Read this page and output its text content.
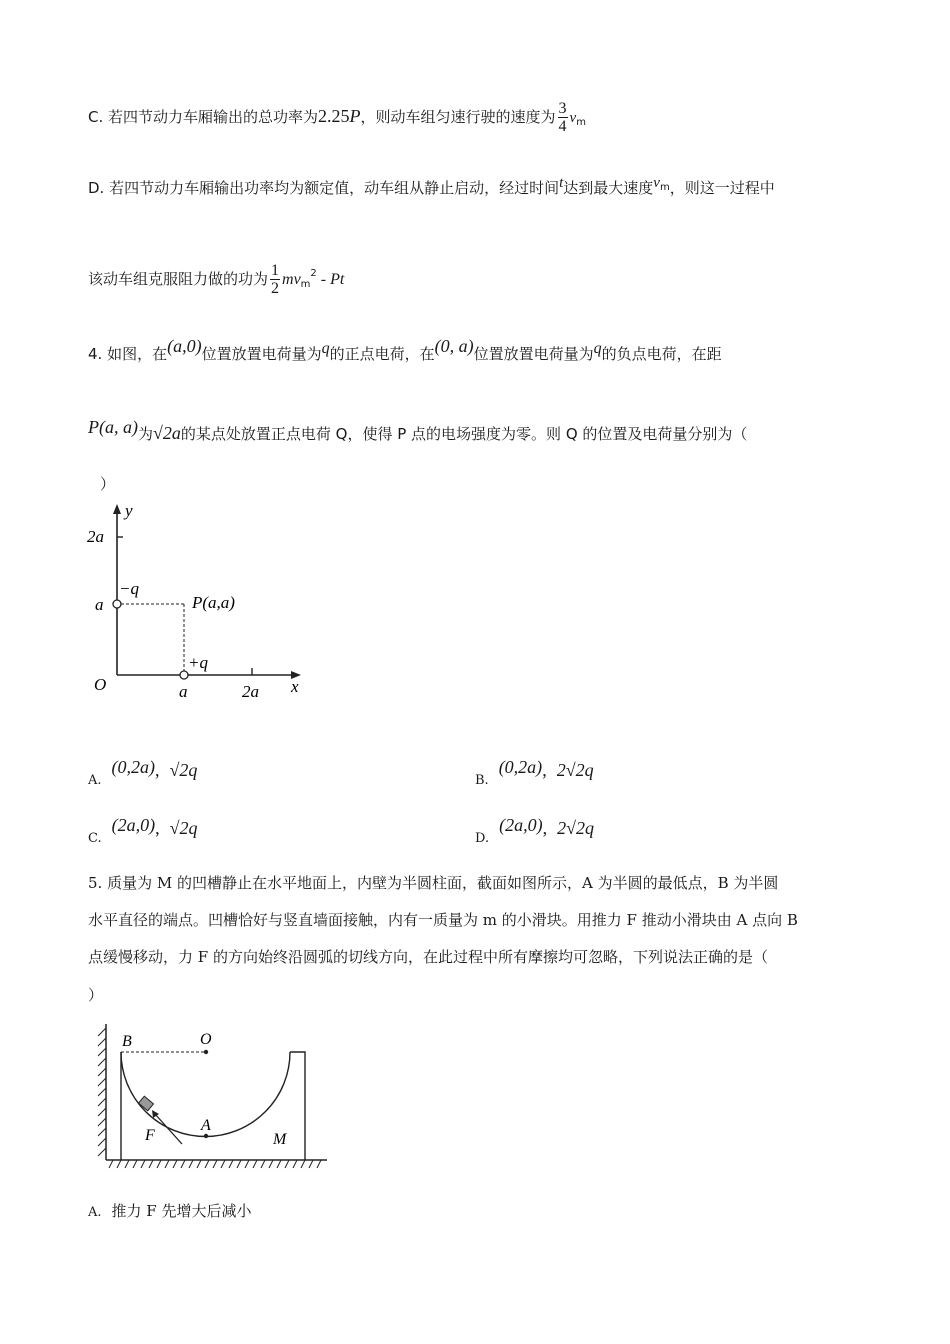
C. 若四节动力车厢输出的总功率为2.25P，则动车组匀速行驶的速度为 $\frac{3}{4} v_m$
D. 若四节动力车厢输出功率均为额定值，动车组从静止启动，经过时间t达到最大速度$v^m$，则这一过程中
该动车组克服阻力做的功为 $\frac{1}{2} mv_m^2$ - Pt
4. 如图，在(a,0)位置放置电荷量为q的正点电荷，在(0, a)位置放置电荷量为q的负点电荷，在距
P(a, a)为√2a的某点处放置正点电荷 Q，使得 P 点的电场强度为零。则 Q 的位置及电荷量分别为（
）
y
2a
−q
a	P(a,a)
+q
O	a	2a x
A.(0,2a), √2q
B.(0,2a), 2√2q
C.(2a,0), √2q
D.(2a,0), 2√2q
5. 质量为 M 的凹槽静止在水平地面上，内壁为半圆柱面，截面如图所示，A 为半圆的最低点，B 为半圆
水平直径的端点。凹槽恰好与竖直墙面接触，内有一质量为 m 的小滑块。用推力 F 推动小滑块由 A 点向 B
点缓慢移动，力 F 的方向始终沿圆弧的切线方向，在此过程中所有摩擦均可忽略，下列说法正确的是（
）
B	O
A
F	M
A. 推力 F 先增大后减小
